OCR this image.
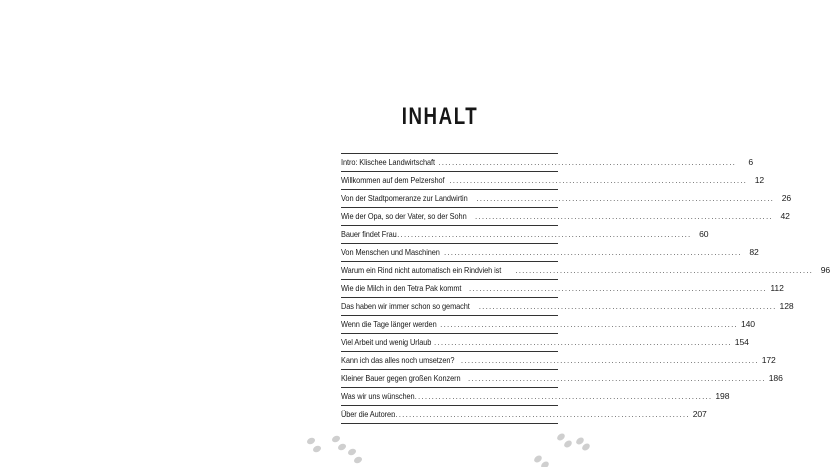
INHALT
Intro: Klischee Landwirtschaft .......................................................................................	6
Willkommen auf dem Pelzershof ....................................................................................... 12
Von der Stadtpomeranze zur Landwirtin ....................................................................................... 26
Wie der Opa, so der Vater, so der Sohn ....................................................................................... 42
Bauer findet Frau
....................................................................................... 60
Von Menschen und Maschinen ....................................................................................... 82
Warum ein Rind nicht automatisch ein Rindvieh ist ....................................................................................... 96
Wie die Milch in den Tetra Pak kommt ....................................................................................... 112
Das haben wir immer schon so gemacht ....................................................................................... 128
Wenn die Tage länger werden ....................................................................................... 140
Viel Arbeit und wenig Urlaub ....................................................................................... 154
Kann ich das alles noch umsetzen? ....................................................................................... 172
Kleiner Bauer gegen großen Konzern ....................................................................................... 186
Was wir uns wünschen ....................................................................................... 198
Über die Autoren
....................................................................................... 207
